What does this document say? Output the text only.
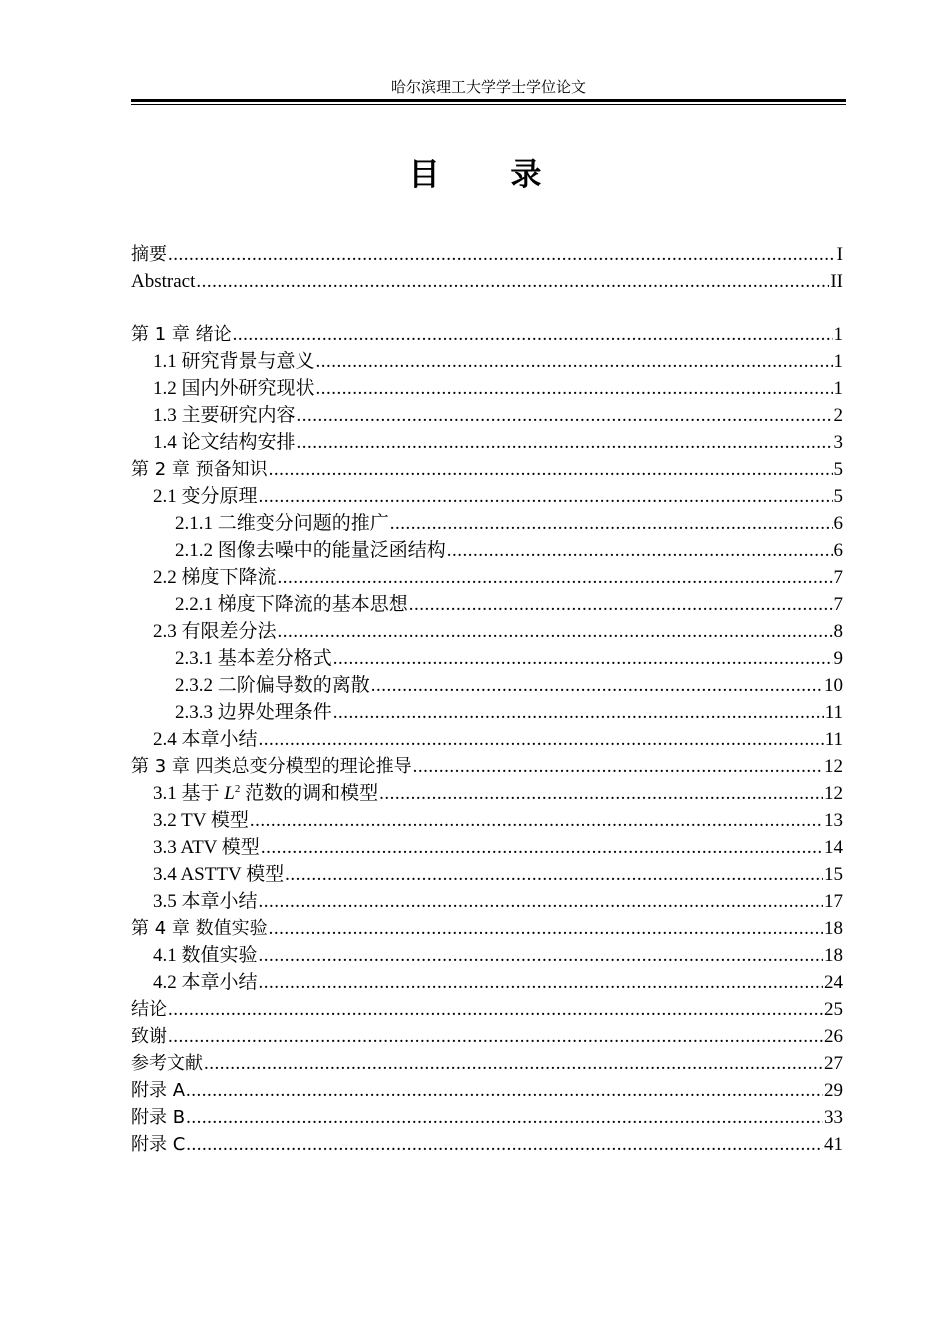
哈尔滨理工大学学士学位论文
目 录
摘要 .....	I
Abstract .....	II
第 1 章 绪论 .....	1
1.1 研究背景与意义 .....	1
1.2 国内外研究现状 .....	1
1.3 主要研究内容 .....	2
1.4 论文结构安排 .....	3
第 2 章 预备知识 .....	5
2.1 变分原理 .....	5
2.1.1 二维变分问题的推广 .....	6
2.1.2 图像去噪中的能量泛函结构 .....	6
2.2 梯度下降流 .....	7
2.2.1 梯度下降流的基本思想 .....	7
2.3 有限差分法 .....	8
2.3.1 基本差分格式 .....	9
2.3.2 二阶偏导数的离散 .....	10
2.3.3 边界处理条件 .....	11
2.4 本章小结 .....	11
第 3 章 四类总变分模型的理论推导 .....	12
3.1 基于 $L^2$ 范数的调和模型 .....	12
3.2 TV 模型 .....	13
3.3 ATV 模型 .....	14
3.4 ASTTV 模型 .....	15
3.5 本章小结 .....	17
第 4 章 数值实验 .....	18
4.1 数值实验 .....	18
4.2 本章小结 .....	24
结论 .....	25
致谢 .....	26
参考文献 .....	27
附录 A .....	29
附录 B .....	33
附录 C .....	41
